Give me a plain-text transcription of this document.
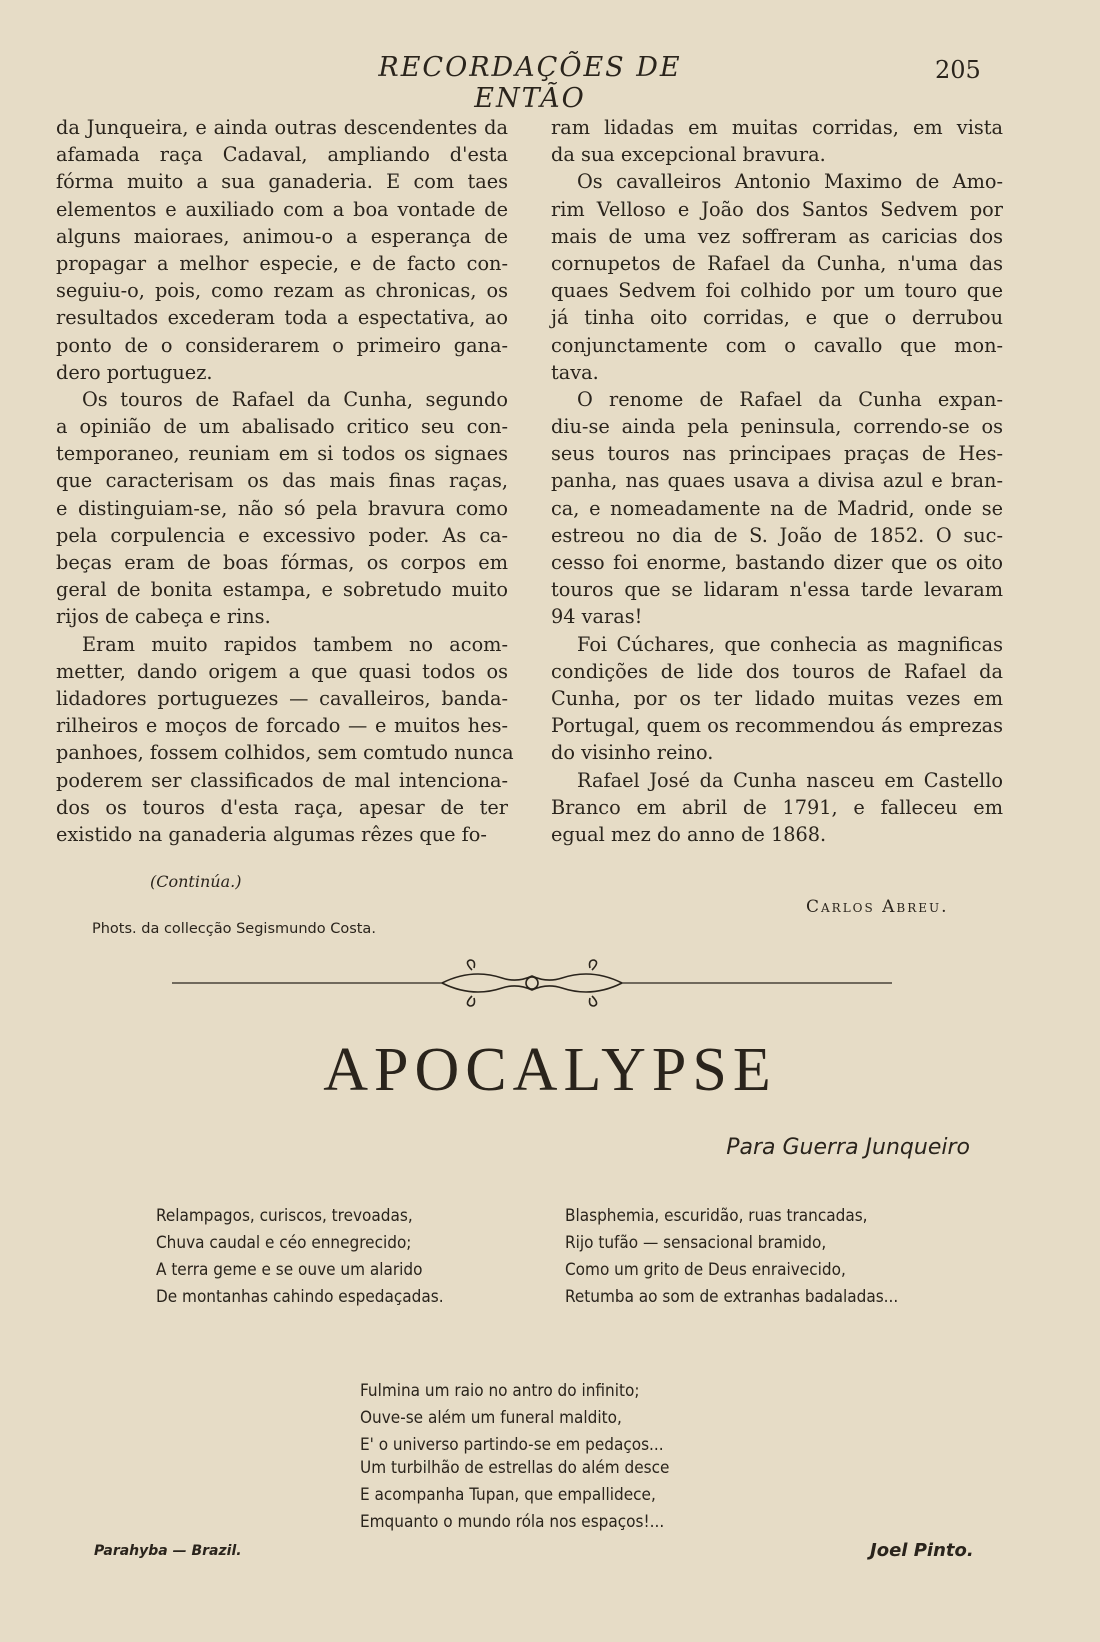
RECORDAÇÕES DE ENTÃO
205
da Junqueira, e ainda outras descendentes da
afamada raça Cadaval, ampliando d'esta
fórma muito a sua ganaderia. E com taes
elementos e auxiliado com a boa vontade de
alguns maioraes, animou-o a esperança de
propagar a melhor especie, e de facto con-
seguiu-o, pois, como rezam as chronicas, os
resultados excederam toda a espectativa, ao
ponto de o considerarem o primeiro gana-
dero portuguez.
Os touros de Rafael da Cunha, segundo
a opinião de um abalisado critico seu con-
temporaneo, reuniam em si todos os signaes
que caracterisam os das mais finas raças,
e distinguiam-se, não só pela bravura como
pela corpulencia e excessivo poder. As ca-
beças eram de boas fórmas, os corpos em
geral de bonita estampa, e sobretudo muito
rijos de cabeça e rins.
Eram muito rapidos tambem no acom-
metter, dando origem a que quasi todos os
lidadores portuguezes — cavalleiros, banda-
rilheiros e moços de forcado — e muitos hes-
panhoes, fossem colhidos, sem comtudo nunca
poderem ser classificados de mal intenciona-
dos os touros d'esta raça, apesar de ter
existido na ganaderia algumas rêzes que fo-
ram lidadas em muitas corridas, em vista
da sua excepcional bravura.
Os cavalleiros Antonio Maximo de Amo-
rim Velloso e João dos Santos Sedvem por
mais de uma vez soffreram as caricias dos
cornupetos de Rafael da Cunha, n'uma das
quaes Sedvem foi colhido por um touro que
já tinha oito corridas, e que o derrubou
conjunctamente com o cavallo que mon-
tava.
O renome de Rafael da Cunha expan-
diu-se ainda pela peninsula, correndo-se os
seus touros nas principaes praças de Hes-
panha, nas quaes usava a divisa azul e bran-
ca, e nomeadamente na de Madrid, onde se
estreou no dia de S. João de 1852. O suc-
cesso foi enorme, bastando dizer que os oito
touros que se lidaram n'essa tarde levaram
94 varas!
Foi Cúchares, que conhecia as magnificas
condições de lide dos touros de Rafael da
Cunha, por os ter lidado muitas vezes em
Portugal, quem os recommendou ás emprezas
do visinho reino.
Rafael José da Cunha nasceu em Castello
Branco em abril de 1791, e falleceu em
egual mez do anno de 1868.
(Continúa.)
Carlos Abreu.
Phots. da collecção Segismundo Costa.
APOCALYPSE
Para Guerra Junqueiro
Relampagos, curiscos, trevoadas,
Chuva caudal e céo ennegrecido;
A terra geme e se ouve um alarido
De montanhas cahindo espedaçadas.
Blasphemia, escuridão, ruas trancadas,
Rijo tufão — sensacional bramido,
Como um grito de Deus enraivecido,
Retumba ao som de extranhas badaladas...
Fulmina um raio no antro do infinito;
Ouve-se além um funeral maldito,
E' o universo partindo-se em pedaços...
Um turbilhão de estrellas do além desce
E acompanha Tupan, que empallidece,
Emquanto o mundo róla nos espaços!...
Parahyba — Brazil.	Joel Pinto.
